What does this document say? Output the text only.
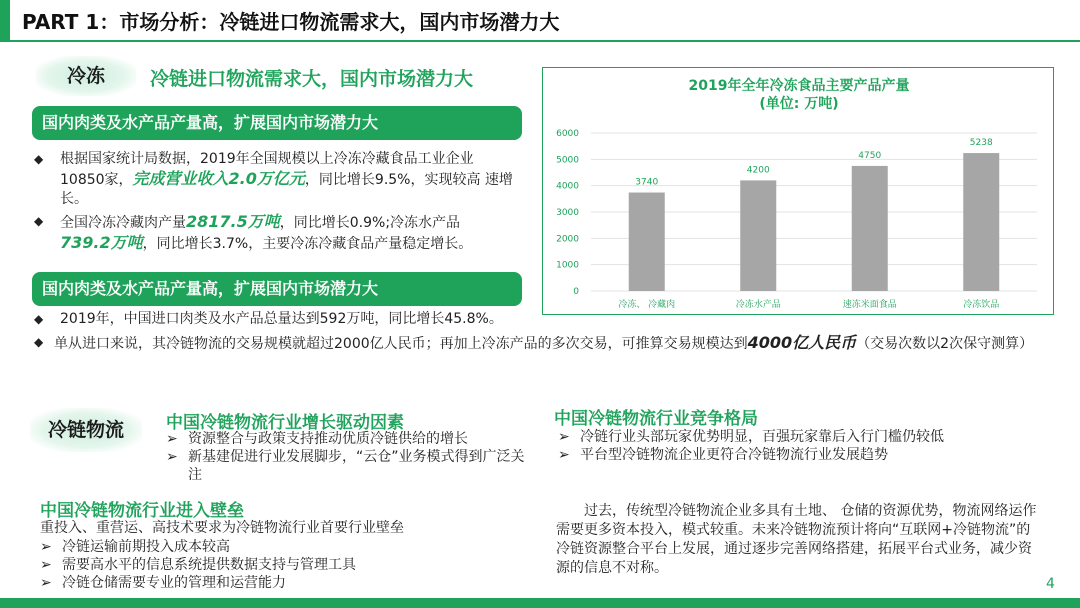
PART 1：市场分析：冷链进口物流需求大，国内市场潜力大
冷冻	冷链进口物流需求大，国内市场潜力大
国内肉类及水产品产量高，扩展国内市场潜力大
◆ 根据国家统计局数据，2019年全国规模以上冷冻冷藏食品工业企业 10850家，完成营业收入2.0万亿元，同比增长9.5%，实现较高 速增长。
◆ 全国冷冻冷藏肉产量2817.5万吨，同比增长0.9%;冷冻水产品
739.2万吨，同比增长3.7%，主要冷冻冷藏食品产量稳定增长。
国内肉类及水产品产量高，扩展国内市场潜力大
◆ 2019年，中国进口肉类及水产品总量达到592万吨，同比增长45.8%。
◆ 单从进口来说，其冷链物流的交易规模就超过2000亿人民币；再加上冷冻产品的多次交易，可推算交易规模达到4000亿人民币（交易次数以2次保守测算）
2019年全年冷冻食品主要产品产量
(单位: 万吨)
3740
4200
4750
5238
0
1000
2000
3000
4000
5000
6000
冷冻、 冷藏肉	冷冻水产品	速冻米面食品	冷冻饮品
冷链物流	中国冷链物流行业增长驱动因素
➢ 资源整合与政策支持推动优质冷链供给的增长
➢ 新基建促进行业发展脚步，“云仓”业务模式得到广泛关注
中国冷链物流行业竞争格局
➢ 冷链行业头部玩家优势明显，百强玩家靠后入行门槛仍较低
➢ 平台型冷链物流企业更符合冷链物流行业发展趋势
中国冷链物流行业进入壁垒
重投入、重营运、高技术要求为冷链物流行业首要行业壁垒
➢ 冷链运输前期投入成本较高
➢ 需要高水平的信息系统提供数据支持与管理工具
➢ 冷链仓储需要专业的管理和运营能力
过去，传统型冷链物流企业多具有土地、 仓储的资源优势，物流网络运作需要更多资本投入，模式较重。未来冷链物流预计将向“互联网+冷链物流”的冷链资源整合平台上发展，通过逐步完善网络搭建，拓展平台式业务，减少资源的信息不对称。
4
